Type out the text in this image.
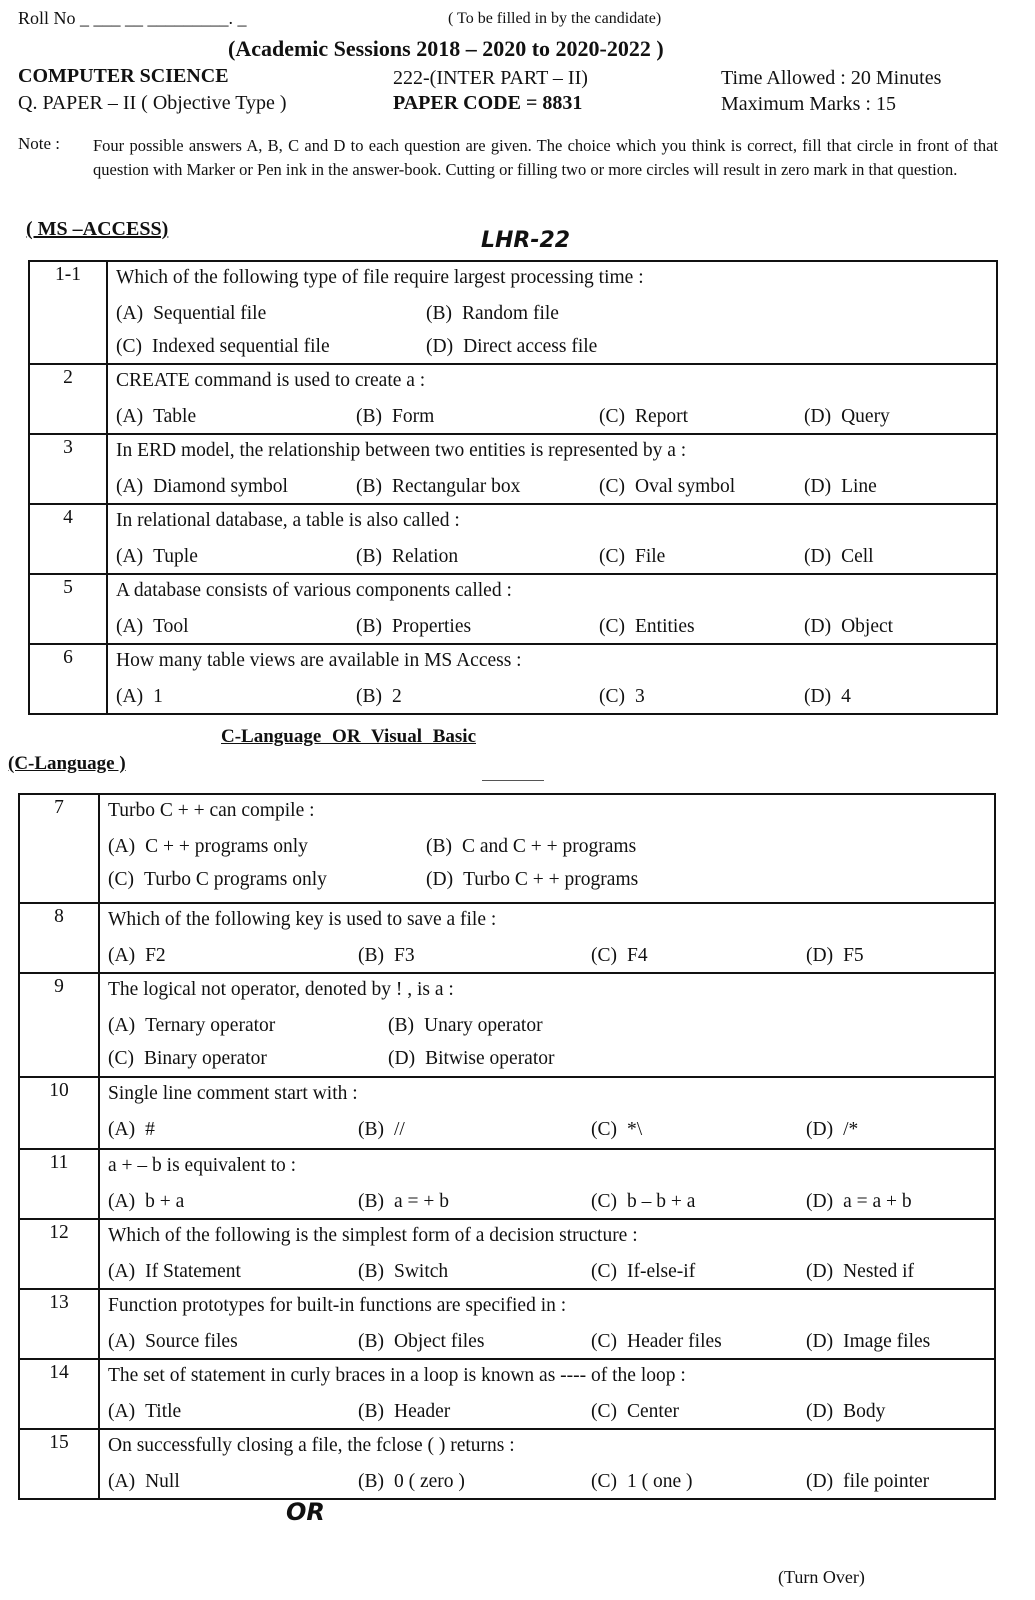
Roll No _ ___ __ _________. _	( To be filled in by the candidate)
(Academic Sessions 2018 – 2020 to 2020-2022 )
COMPUTER SCIENCE	222-(INTER PART – II)	Time Allowed : 20 Minutes
Q. PAPER – II ( Objective Type )	PAPER CODE = 8831	Maximum Marks : 15
Note : Four possible answers A, B, C and D to each question are given. The choice which you think is correct, fill that circle in front of that question with Marker or Pen ink in the answer-book. Cutting or filling two or more circles will result in zero mark in that question.
( MS –ACCESS)	LHR-22
1-1	Which of the following type of file require largest processing time :
(A) Sequential file (B) Random file
(C) Indexed sequential file (D) Direct access file

2	CREATE command is used to create a :
(A) Table (B) Form (C) Report (D) Query

3	In ERD model, the relationship between two entities is represented by a :
(A) Diamond symbol (B) Rectangular box (C) Oval symbol (D) Line

4	In relational database, a table is also called :
(A) Tuple (B) Relation (C) File (D) Cell

5	A database consists of various components called :
(A) Tool (B) Properties (C) Entities (D) Object

6	How many table views are available in MS Access :
(A) 1 (B) 2 (C) 3 (D) 4
C-Language OR Visual Basic
(C-Language )
7	Turbo C + + can compile :
(A) C + + programs only (B) C and C + + programs
(C) Turbo C programs only (D) Turbo C + + programs

8	Which of the following key is used to save a file :
(A) F2 (B) F3 (C) F4 (D) F5

9	The logical not operator, denoted by ! , is a :
(A) Ternary operator (B) Unary operator
(C) Binary operator (D) Bitwise operator

10	Single line comment start with :
(A) # (B) // (C) *\ (D) /*

11	a + – b is equivalent to :
(A) b + a (B) a = + b (C) b – b + a (D) a = a + b

12	Which of the following is the simplest form of a decision structure :
(A) If Statement (B) Switch (C) If-else-if (D) Nested if

13	Function prototypes for built-in functions are specified in :
(A) Source files (B) Object files (C) Header files (D) Image files

14	The set of statement in curly braces in a loop is known as ---- of the loop :
(A) Title (B) Header (C) Center (D) Body

15	On successfully closing a file, the fclose ( ) returns :
(A) Null (B) 0 ( zero ) (C) 1 ( one ) (D) file pointer
OR
(Turn Over)
